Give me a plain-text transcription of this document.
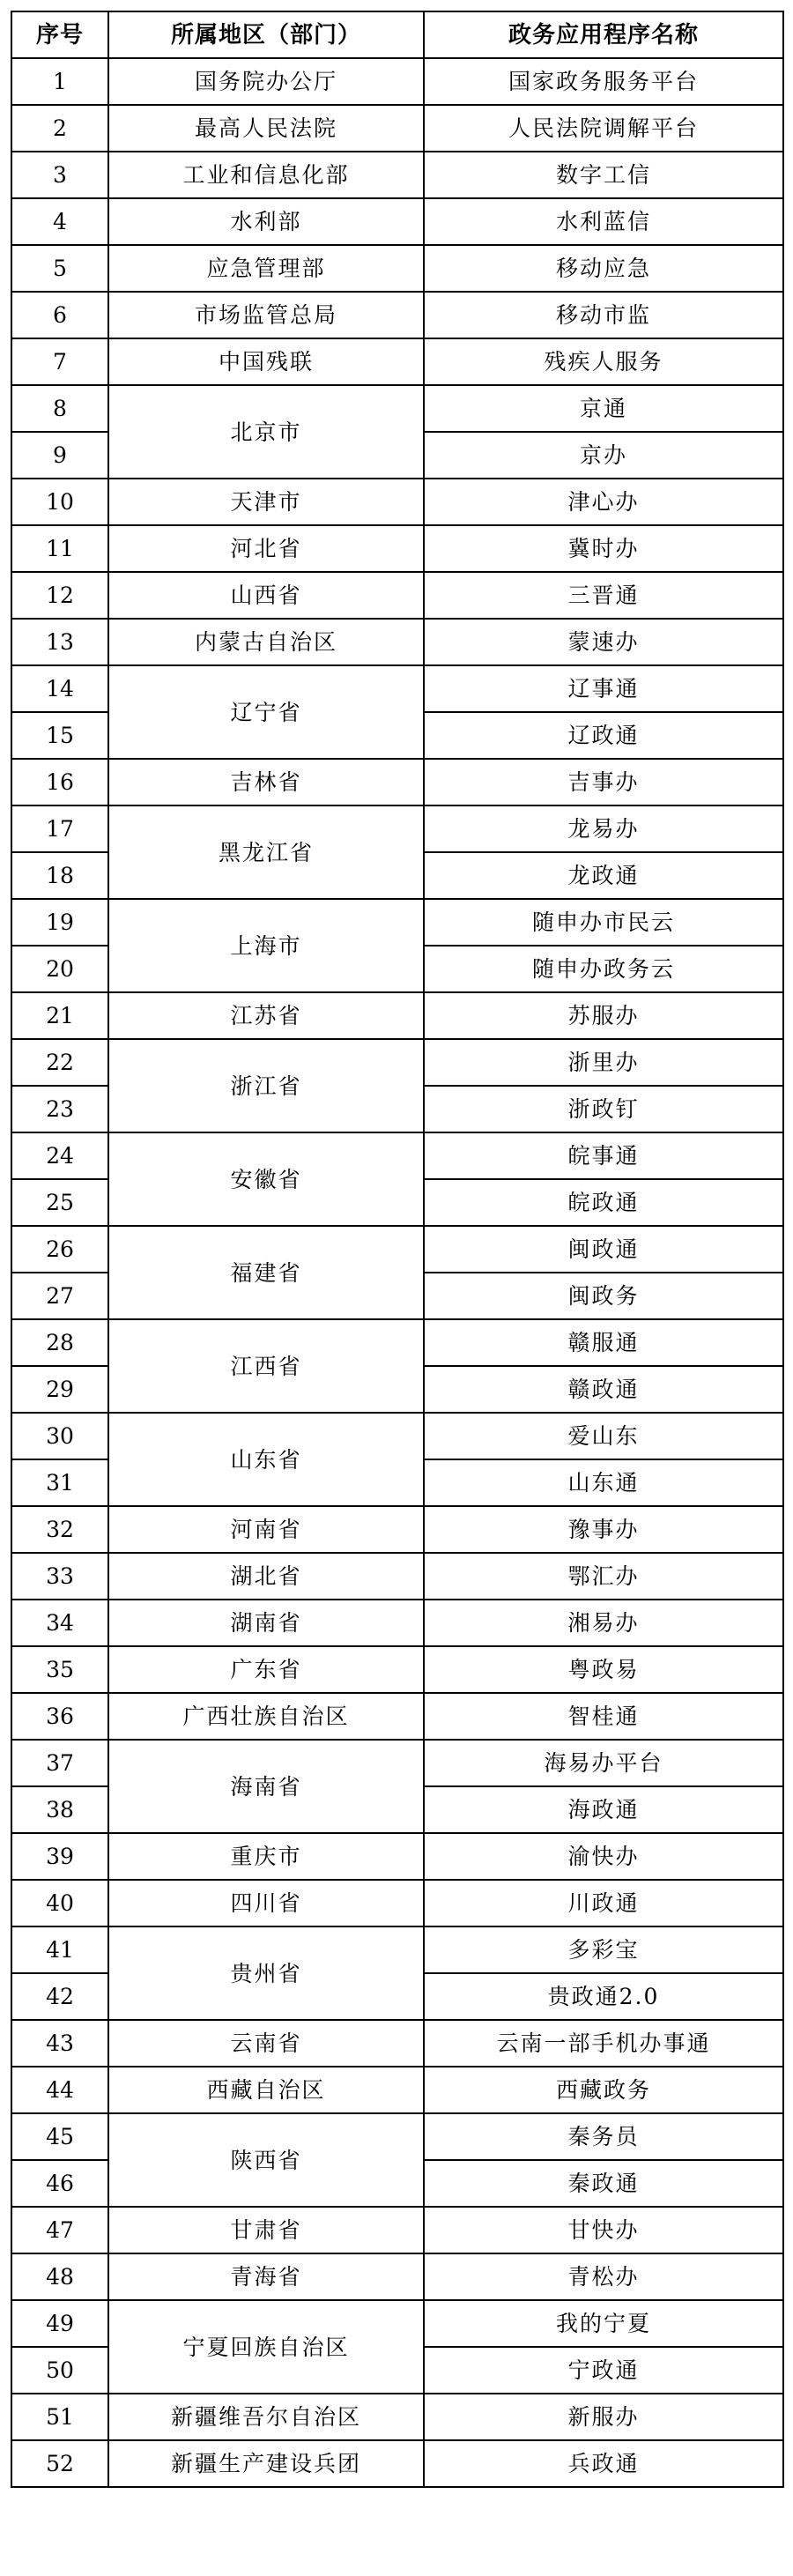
序号	所属地区（部门）	政务应用程序名称
1	国务院办公厅	国家政务服务平台
2	最高人民法院	人民法院调解平台
3	工业和信息化部	数字工信
4	水利部	水利蓝信
5	应急管理部	移动应急
6	市场监管总局	移动市监
7	中国残联	残疾人服务
8	北京市	京通
9		京办
10	天津市	津心办
11	河北省	冀时办
12	山西省	三晋通
13	内蒙古自治区	蒙速办
14	辽宁省	辽事通
15		辽政通
16	吉林省	吉事办
17	黑龙江省	龙易办
18		龙政通
19	上海市	随申办市民云
20		随申办政务云
21	江苏省	苏服办
22	浙江省	浙里办
23		浙政钉
24	安徽省	皖事通
25		皖政通
26	福建省	闽政通
27		闽政务
28	江西省	赣服通
29		赣政通
30	山东省	爱山东
31		山东通
32	河南省	豫事办
33	湖北省	鄂汇办
34	湖南省	湘易办
35	广东省	粤政易
36	广西壮族自治区	智桂通
37	海南省	海易办平台
38		海政通
39	重庆市	渝快办
40	四川省	川政通
41	贵州省	多彩宝
42		贵政通2.0
43	云南省	云南一部手机办事通
44	西藏自治区	西藏政务
45	陕西省	秦务员
46		秦政通
47	甘肃省	甘快办
48	青海省	青松办
49	宁夏回族自治区	我的宁夏
50		宁政通
51	新疆维吾尔自治区	新服办
52	新疆生产建设兵团	兵政通
